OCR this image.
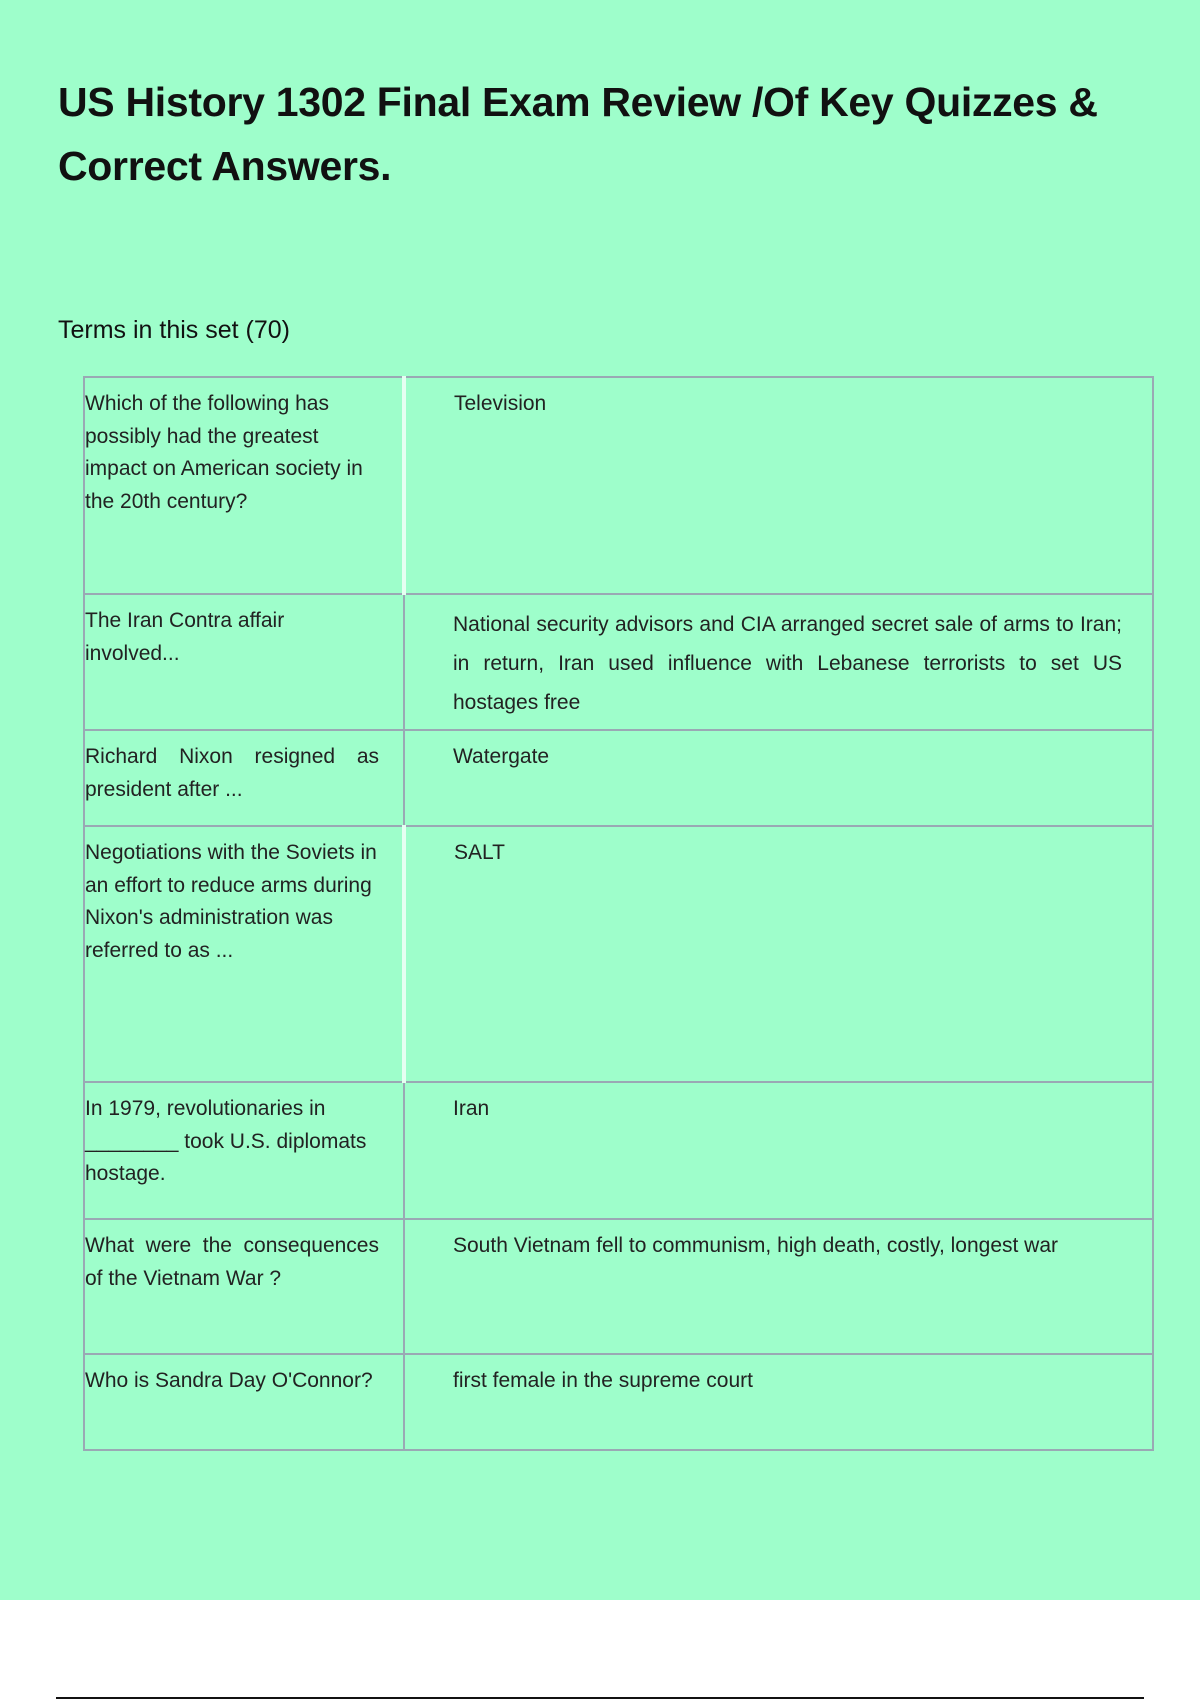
US History 1302 Final Exam Review /Of Key Quizzes & Correct Answers.

Terms in this set (70)

Which of the following has possibly had the greatest impact on American society in the 20th century?	Television
The Iran Contra affair involved...	National security advisors and CIA arranged secret sale of arms to Iran; in return, Iran used influence with Lebanese terrorists to set US hostages free
Richard Nixon resigned as president after ...	Watergate
Negotiations with the Soviets in an effort to reduce arms during Nixon's administration was referred to as ...	SALT
In 1979, revolutionaries in ________ took U.S. diplomats hostage.	Iran
What were the consequences of the Vietnam War ?	South Vietnam fell to communism, high death, costly, longest war
Who is Sandra Day O'Connor?	first female in the supreme court
